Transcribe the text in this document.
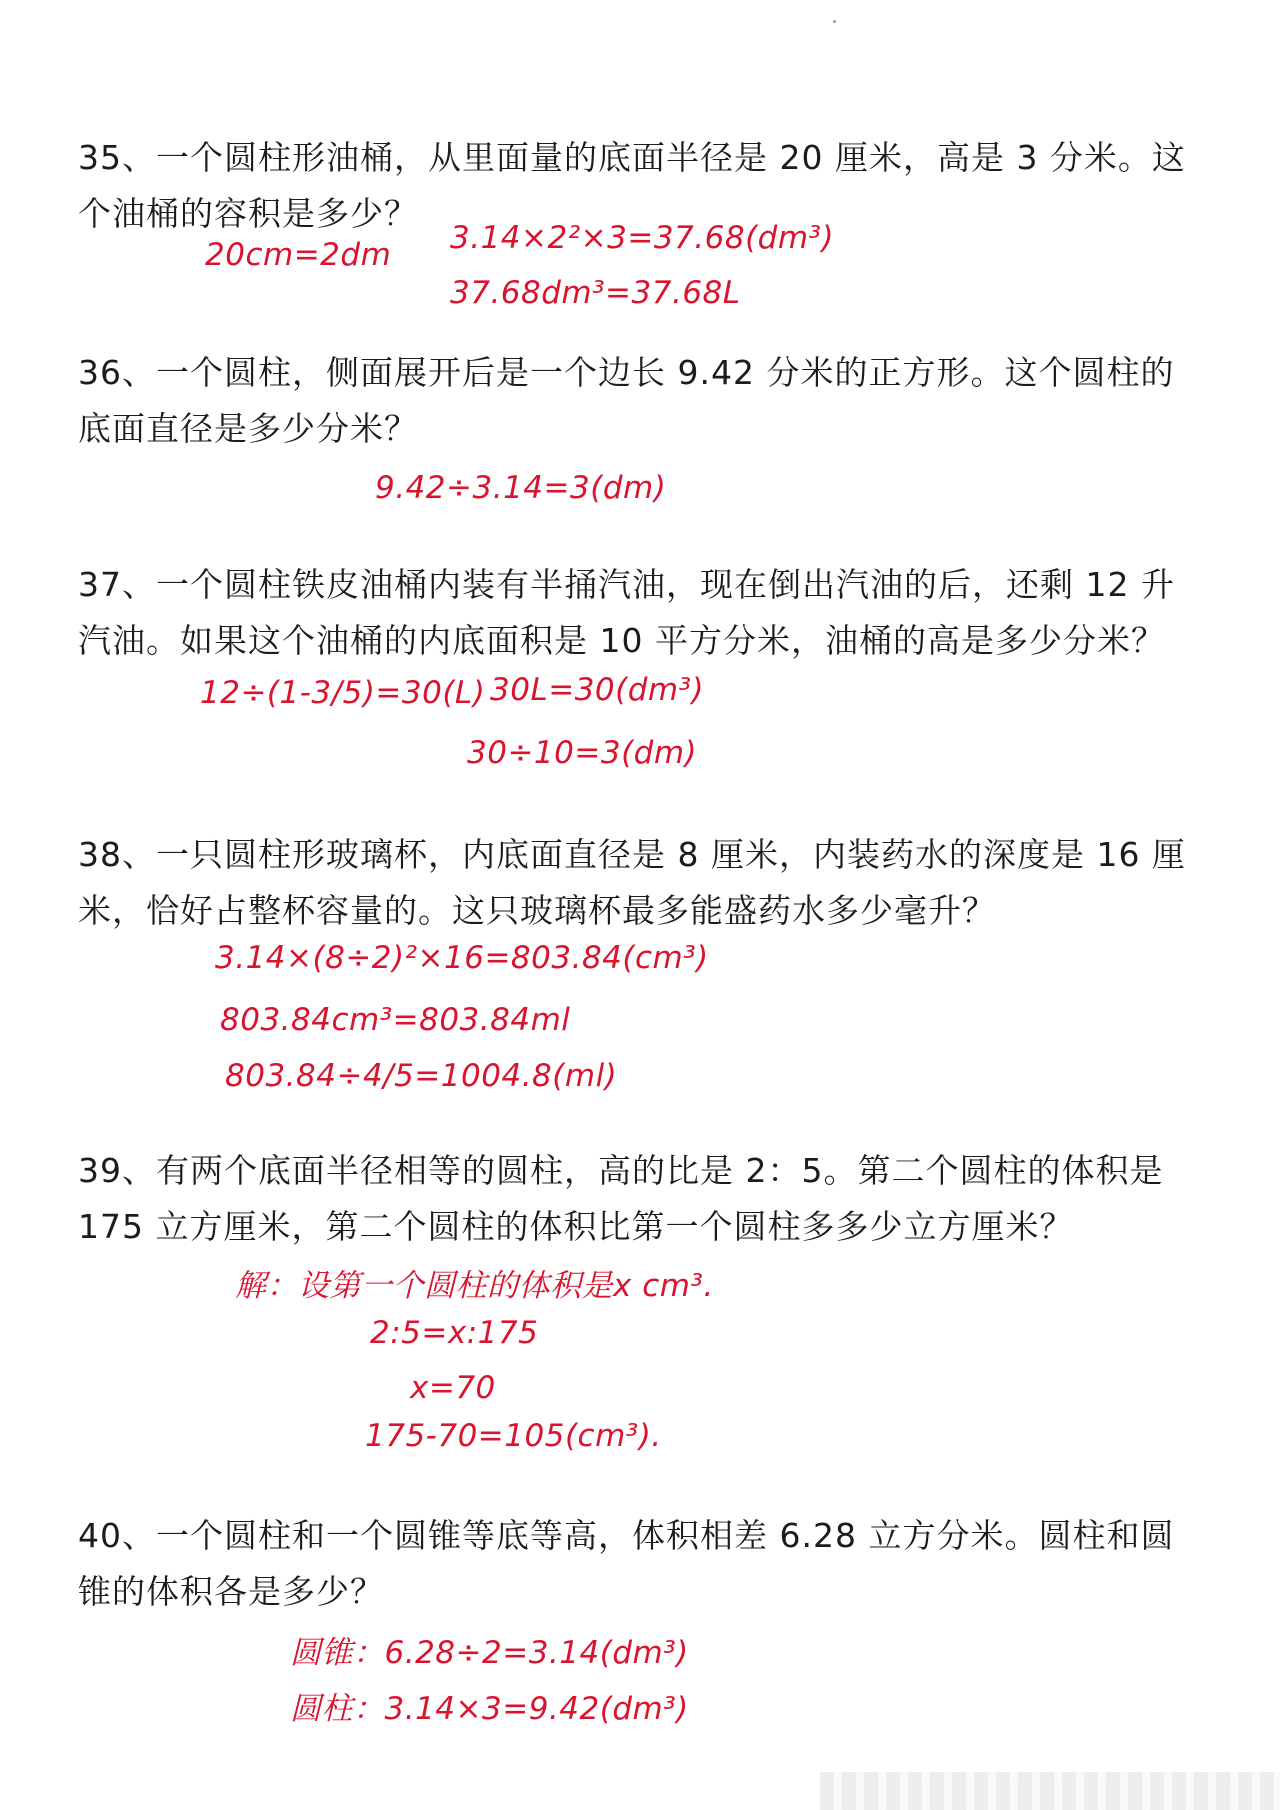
35、一个圆柱形油桶，从里面量的底面半径是 20 厘米，高是 3 分米。这个油桶的容积是多少？

20cm=2dm 3.14×2²×3=37.68(dm³)

37.68dm³=37.68L

36、一个圆柱，侧面展开后是一个边长 9.42 分米的正方形。这个圆柱的底面直径是多少分米？

9.42÷3.14=3(dm)

37、一个圆柱铁皮油桶内装有半捅汽油，现在倒出汽油的后，还剩 12 升汽油。如果这个油桶的内底面积是 10 平方分米，油桶的高是多少分米？

12÷(1-3/5)=30(L) 30L=30(dm³)

30÷10=3(dm)

38、一只圆柱形玻璃杯，内底面直径是 8 厘米，内装药水的深度是 16 厘米，恰好占整杯容量的。这只玻璃杯最多能盛药水多少毫升？

3.14×(8÷2)²×16=803.84(cm³)

803.84cm³=803.84ml

803.84÷4/5=1004.8(ml)

39、有两个底面半径相等的圆柱，高的比是 2：5。第二个圆柱的体积是 175 立方厘米，第二个圆柱的体积比第一个圆柱多多少立方厘米？

解：设第一个圆柱的体积是x cm³.

2:5=x:175

x=70

175-70=105(cm³).

40、一个圆柱和一个圆锥等底等高，体积相差 6.28 立方分米。圆柱和圆锥的体积各是多少？

圆锥：6.28÷2=3.14(dm³)

圆柱：3.14×3=9.42(dm³)
